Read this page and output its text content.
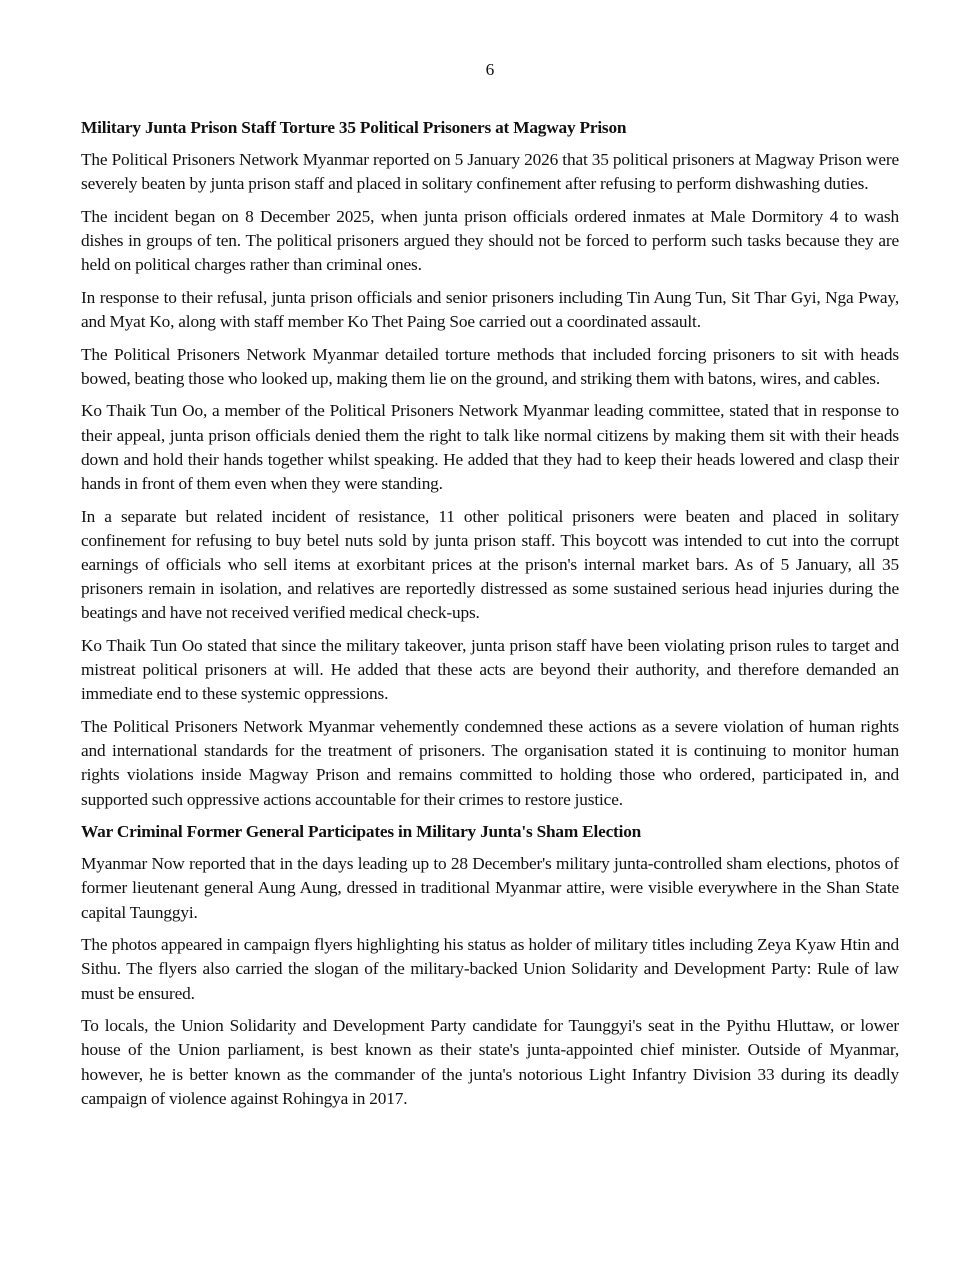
6
Military Junta Prison Staff Torture 35 Political Prisoners at Magway Prison

The Political Prisoners Network Myanmar reported on 5 January 2026 that 35 political prisoners at Magway Prison were severely beaten by junta prison staff and placed in solitary confinement after refusing to perform dishwashing duties.

The incident began on 8 December 2025, when junta prison officials ordered inmates at Male Dormitory 4 to wash dishes in groups of ten. The political prisoners argued they should not be forced to perform such tasks because they are held on political charges rather than criminal ones.

In response to their refusal, junta prison officials and senior prisoners including Tin Aung Tun, Sit Thar Gyi, Nga Pway, and Myat Ko, along with staff member Ko Thet Paing Soe carried out a coordinated assault.

The Political Prisoners Network Myanmar detailed torture methods that included forcing prisoners to sit with heads bowed, beating those who looked up, making them lie on the ground, and striking them with batons, wires, and cables.

Ko Thaik Tun Oo, a member of the Political Prisoners Network Myanmar leading committee, stated that in response to their appeal, junta prison officials denied them the right to talk like normal citizens by making them sit with their heads down and hold their hands together whilst speaking. He added that they had to keep their heads lowered and clasp their hands in front of them even when they were standing.

In a separate but related incident of resistance, 11 other political prisoners were beaten and placed in solitary confinement for refusing to buy betel nuts sold by junta prison staff. This boycott was intended to cut into the corrupt earnings of officials who sell items at exorbitant prices at the prison's internal market bars. As of 5 January, all 35 prisoners remain in isolation, and relatives are reportedly distressed as some sustained serious head injuries during the beatings and have not received verified medical check-ups.

Ko Thaik Tun Oo stated that since the military takeover, junta prison staff have been violating prison rules to target and mistreat political prisoners at will. He added that these acts are beyond their authority, and therefore demanded an immediate end to these systemic oppressions.

The Political Prisoners Network Myanmar vehemently condemned these actions as a severe violation of human rights and international standards for the treatment of prisoners. The organisation stated it is continuing to monitor human rights violations inside Magway Prison and remains committed to holding those who ordered, participated in, and supported such oppressive actions accountable for their crimes to restore justice.

War Criminal Former General Participates in Military Junta's Sham Election

Myanmar Now reported that in the days leading up to 28 December's military junta-controlled sham elections, photos of former lieutenant general Aung Aung, dressed in traditional Myanmar attire, were visible everywhere in the Shan State capital Taunggyi.

The photos appeared in campaign flyers highlighting his status as holder of military titles including Zeya Kyaw Htin and Sithu. The flyers also carried the slogan of the military-backed Union Solidarity and Development Party: Rule of law must be ensured.

To locals, the Union Solidarity and Development Party candidate for Taunggyi's seat in the Pyithu Hluttaw, or lower house of the Union parliament, is best known as their state's junta-appointed chief minister. Outside of Myanmar, however, he is better known as the commander of the junta's notorious Light Infantry Division 33 during its deadly campaign of violence against Rohingya in 2017.
